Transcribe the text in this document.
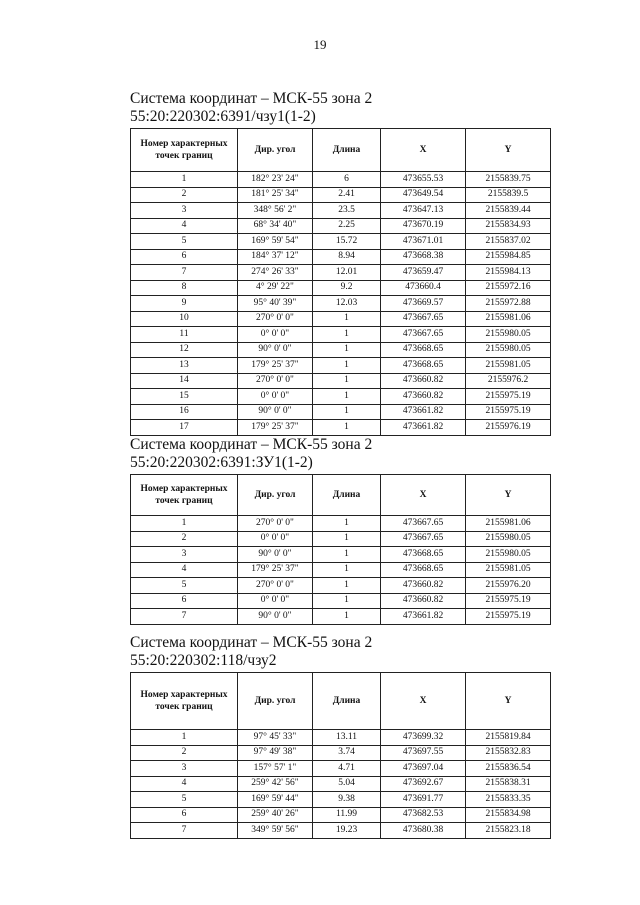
19

Система координат – МСК-55 зона 2
55:20:220302:6391/чзу1(1-2)

Номер характерных точек границ	Дир. угол	Длина	X	Y
1	182° 23' 24"	6	473655.53	2155839.75
2	181° 25' 34"	2.41	473649.54	2155839.5
3	348° 56' 2"	23.5	473647.13	2155839.44
4	68° 34' 40"	2.25	473670.19	2155834.93
5	169° 59' 54"	15.72	473671.01	2155837.02
6	184° 37' 12"	8.94	473668.38	2155984.85
7	274° 26' 33"	12.01	473659.47	2155984.13
8	4° 29' 22"	9.2	473660.4	2155972.16
9	95° 40' 39"	12.03	473669.57	2155972.88
10	270° 0' 0"	1	473667.65	2155981.06
11	0° 0' 0"	1	473667.65	2155980.05
12	90° 0' 0"	1	473668.65	2155980.05
13	179° 25' 37"	1	473668.65	2155981.05
14	270° 0' 0"	1	473660.82	2155976.2
15	0° 0' 0"	1	473660.82	2155975.19
16	90° 0' 0"	1	473661.82	2155975.19
17	179° 25' 37"	1	473661.82	2155976.19

Система координат – МСК-55 зона 2
55:20:220302:6391:ЗУ1(1-2)

Номер характерных точек границ	Дир. угол	Длина	X	Y
1	270° 0' 0"	1	473667.65	2155981.06
2	0° 0' 0"	1	473667.65	2155980.05
3	90° 0' 0"	1	473668.65	2155980.05
4	179° 25' 37"	1	473668.65	2155981.05
5	270° 0' 0"	1	473660.82	2155976.20
6	0° 0' 0"	1	473660.82	2155975.19
7	90° 0' 0"	1	473661.82	2155975.19

Система координат – МСК-55 зона 2
55:20:220302:118/чзу2

Номер характерных точек границ	Дир. угол	Длина	X	Y
1	97° 45' 33"	13.11	473699.32	2155819.84
2	97° 49' 38"	3.74	473697.55	2155832.83
3	157° 57' 1"	4.71	473697.04	2155836.54
4	259° 42' 56"	5.04	473692.67	2155838.31
5	169° 59' 44"	9.38	473691.77	2155833.35
6	259° 40' 26"	11.99	473682.53	2155834.98
7	349° 59' 56"	19.23	473680.38	2155823.18
